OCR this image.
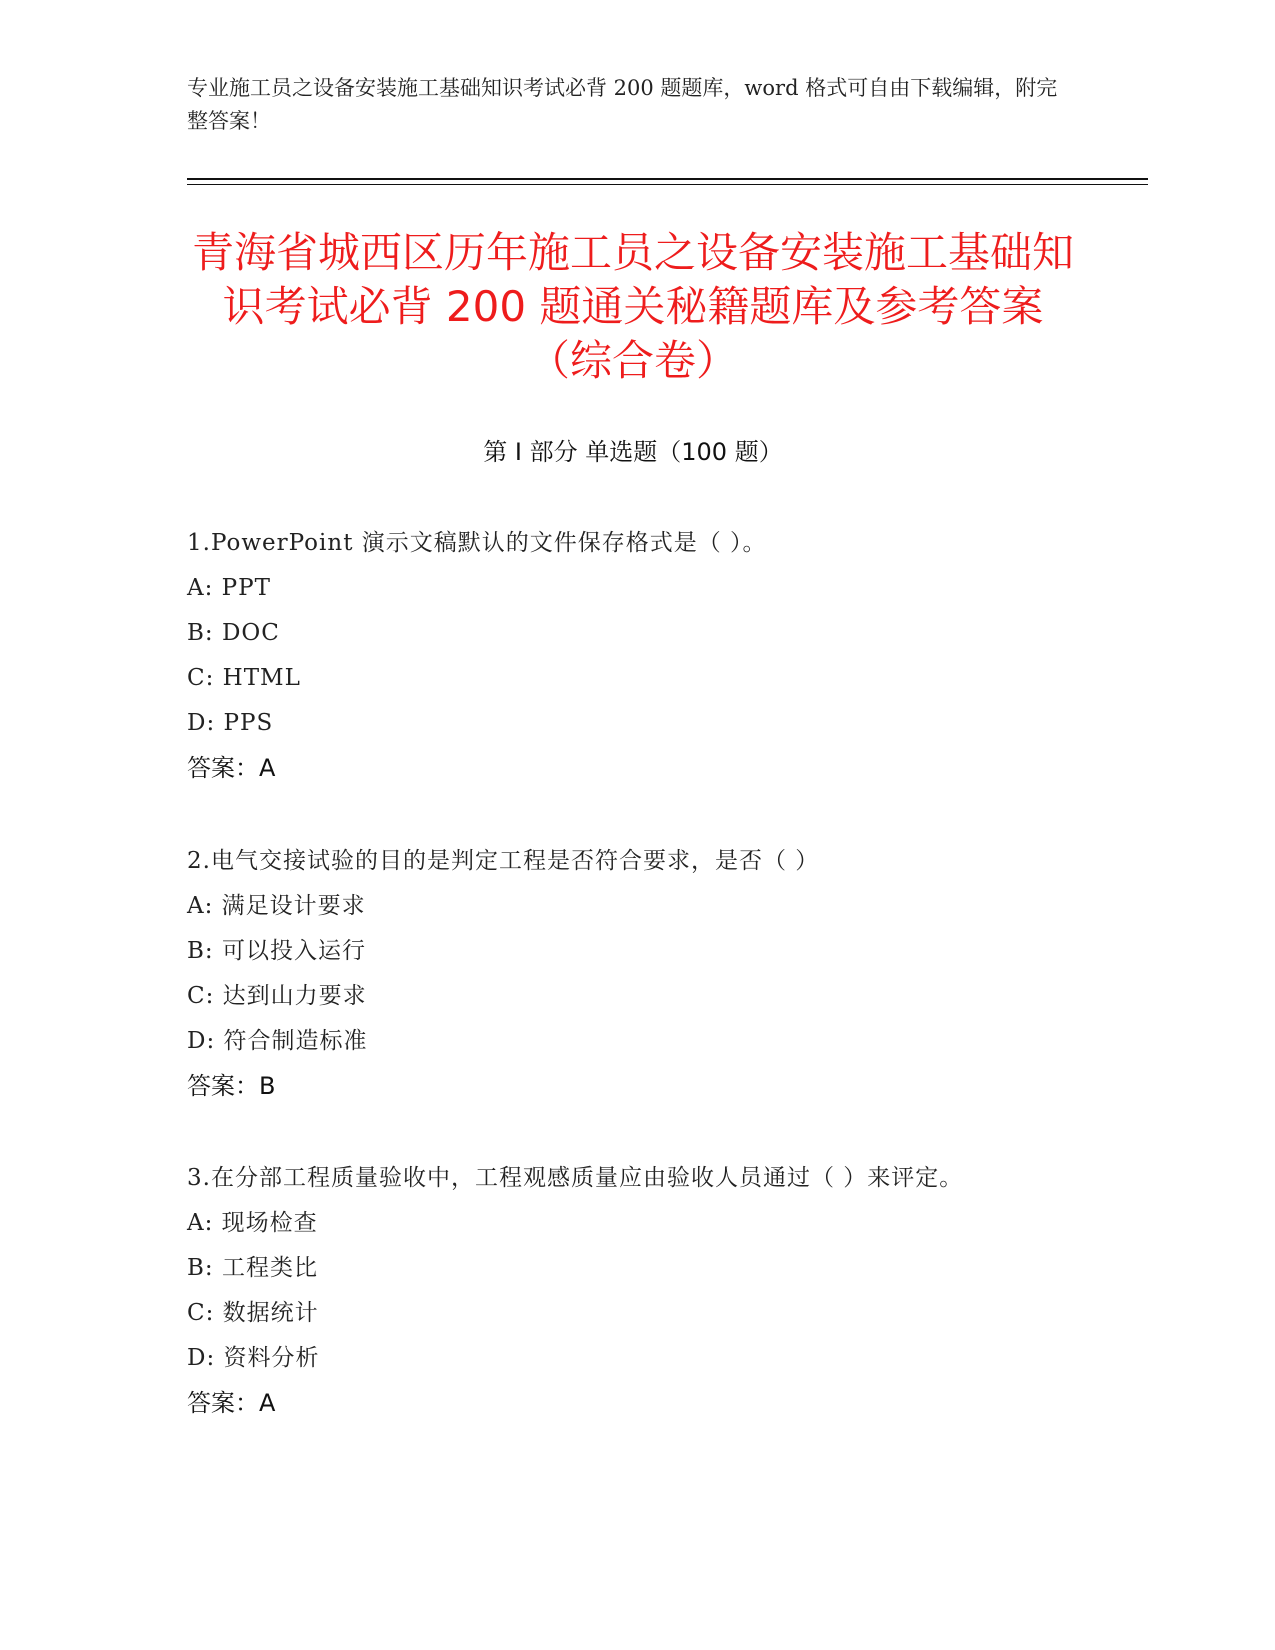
专业施工员之设备安装施工基础知识考试必背 200 题题库，word 格式可自由下载编辑，附完整答案！
青海省城西区历年施工员之设备安装施工基础知识考试必背 200 题通关秘籍题库及参考答案（综合卷）
第 I 部分 单选题（100 题）
1.PowerPoint 演示文稿默认的文件保存格式是（ ）。
A: PPT
B: DOC
C: HTML
D: PPS
答案：A
2.电气交接试验的目的是判定工程是否符合要求，是否（ ）
A: 满足设计要求
B: 可以投入运行
C: 达到山力要求
D: 符合制造标准
答案：B
3.在分部工程质量验收中，工程观感质量应由验收人员通过（ ）来评定。
A: 现场检查
B: 工程类比
C: 数据统计
D: 资料分析
答案：A
